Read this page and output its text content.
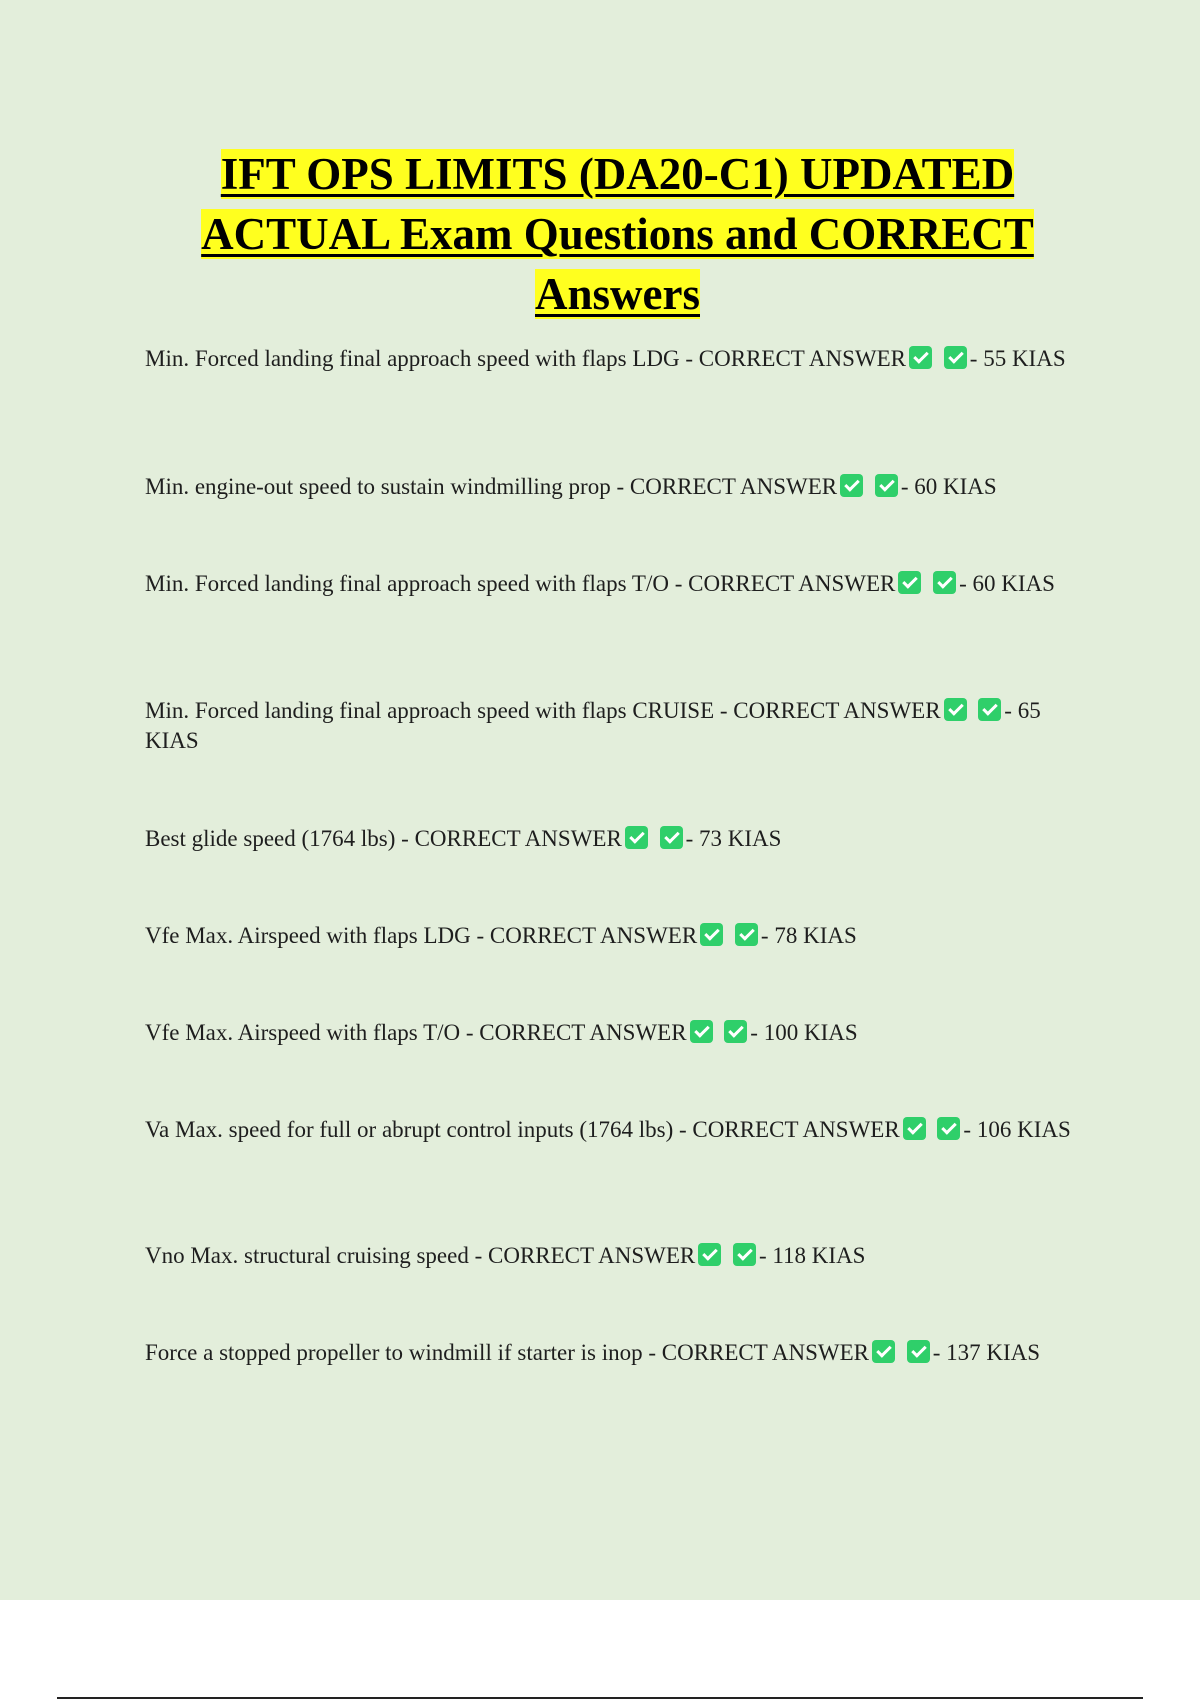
IFT OPS LIMITS (DA20-C1) UPDATED ACTUAL Exam Questions and CORRECT Answers

Min. Forced landing final approach speed with flaps LDG - CORRECT ANSWER	- 55 KIAS

Min. engine-out speed to sustain windmilling prop - CORRECT ANSWER	- 60 KIAS

Min. Forced landing final approach speed with flaps T/O - CORRECT ANSWER	- 60 KIAS

Min. Forced landing final approach speed with flaps CRUISE - CORRECT ANSWER	- 65 KIAS

Best glide speed (1764 lbs) - CORRECT ANSWER	- 73 KIAS

Vfe Max. Airspeed with flaps LDG - CORRECT ANSWER	- 78 KIAS

Vfe Max. Airspeed with flaps T/O - CORRECT ANSWER	- 100 KIAS

Va Max. speed for full or abrupt control inputs (1764 lbs) - CORRECT ANSWER	- 106 KIAS

Vno Max. structural cruising speed - CORRECT ANSWER	- 118 KIAS

Force a stopped propeller to windmill if starter is inop - CORRECT ANSWER	- 137 KIAS
